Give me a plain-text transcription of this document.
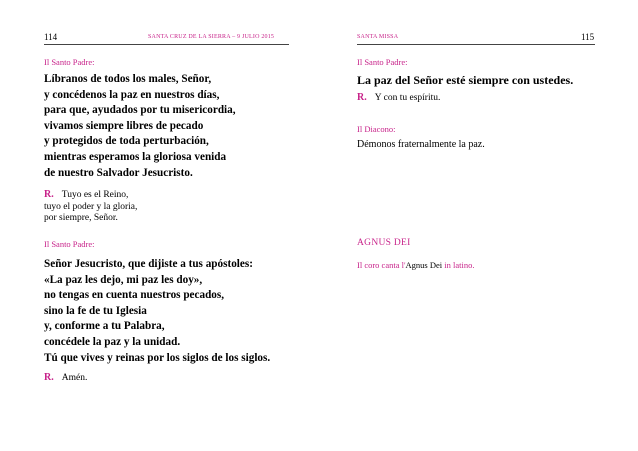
114	SANTA CRUZ DE LA SIERRA – 9 JULIO 2015

Il Santo Padre:

Líbranos de todos los males, Señor,

y concédenos la paz en nuestros días,

para que, ayudados por tu misericordia,

vivamos siempre libres de pecado

y protegidos de toda perturbación,

mientras esperamos la gloriosa venida

de nuestro Salvador Jesucristo.

R. Tuyo es el Reino,

tuyo el poder y la gloria,

por siempre, Señor.

Il Santo Padre:

Señor Jesucristo, que dijiste a tus apóstoles:

«La paz les dejo, mi paz les doy»,

no tengas en cuenta nuestros pecados,

sino la fe de tu Iglesia

y, conforme a tu Palabra,

concédele la paz y la unidad.

Tú que vives y reinas por los siglos de los siglos.

R. Amén.

SANTA MISSA	115

Il Santo Padre:

La paz del Señor esté siempre con ustedes.

R. Y con tu espíritu.

Il Diacono:

Démonos fraternalmente la paz.

AGNUS DEI

Il coro canta l'Agnus Dei in latino.
